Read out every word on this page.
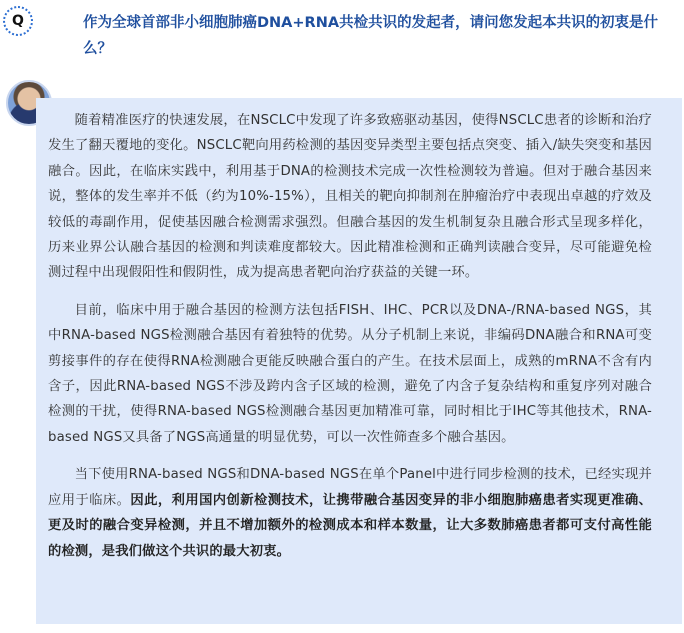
Q	作为全球首部非小细胞肺癌DNA+RNA共检共识的发起者，请问您发起本共识的初衷是什么？

随着精准医疗的快速发展，在NSCLC中发现了许多致癌驱动基因，使得NSCLC患者的诊断和治疗发生了翻天覆地的变化。NSCLC靶向用药检测的基因变异类型主要包括点突变、插入/缺失突变和基因融合。因此，在临床实践中，利用基于DNA的检测技术完成一次性检测较为普遍。但对于融合基因来说，整体的发生率并不低（约为10%-15%），且相关的靶向抑制剂在肿瘤治疗中表现出卓越的疗效及较低的毒副作用，促使基因融合检测需求强烈。但融合基因的发生机制复杂且融合形式呈现多样化，历来业界公认融合基因的检测和判读难度都较大。因此精准检测和正确判读融合变异，尽可能避免检测过程中出现假阳性和假阴性，成为提高患者靶向治疗获益的关键一环。

目前，临床中用于融合基因的检测方法包括FISH、IHC、PCR以及DNA-/RNA-based NGS，其中RNA-based NGS检测融合基因有着独特的优势。从分子机制上来说，非编码DNA融合和RNA可变剪接事件的存在使得RNA检测融合更能反映融合蛋白的产生。在技术层面上，成熟的mRNA不含有内含子，因此RNA-based NGS不涉及跨内含子区域的检测，避免了内含子复杂结构和重复序列对融合检测的干扰，使得RNA-based NGS检测融合基因更加精准可靠，同时相比于IHC等其他技术，RNA-based NGS又具备了NGS高通量的明显优势，可以一次性筛查多个融合基因。

当下使用RNA-based NGS和DNA-based NGS在单个Panel中进行同步检测的技术，已经实现并应用于临床。因此，利用国内创新检测技术，让携带融合基因变异的非小细胞肺癌患者实现更准确、更及时的融合变异检测，并且不增加额外的检测成本和样本数量，让大多数肺癌患者都可支付高性能的检测，是我们做这个共识的最大初衷。
